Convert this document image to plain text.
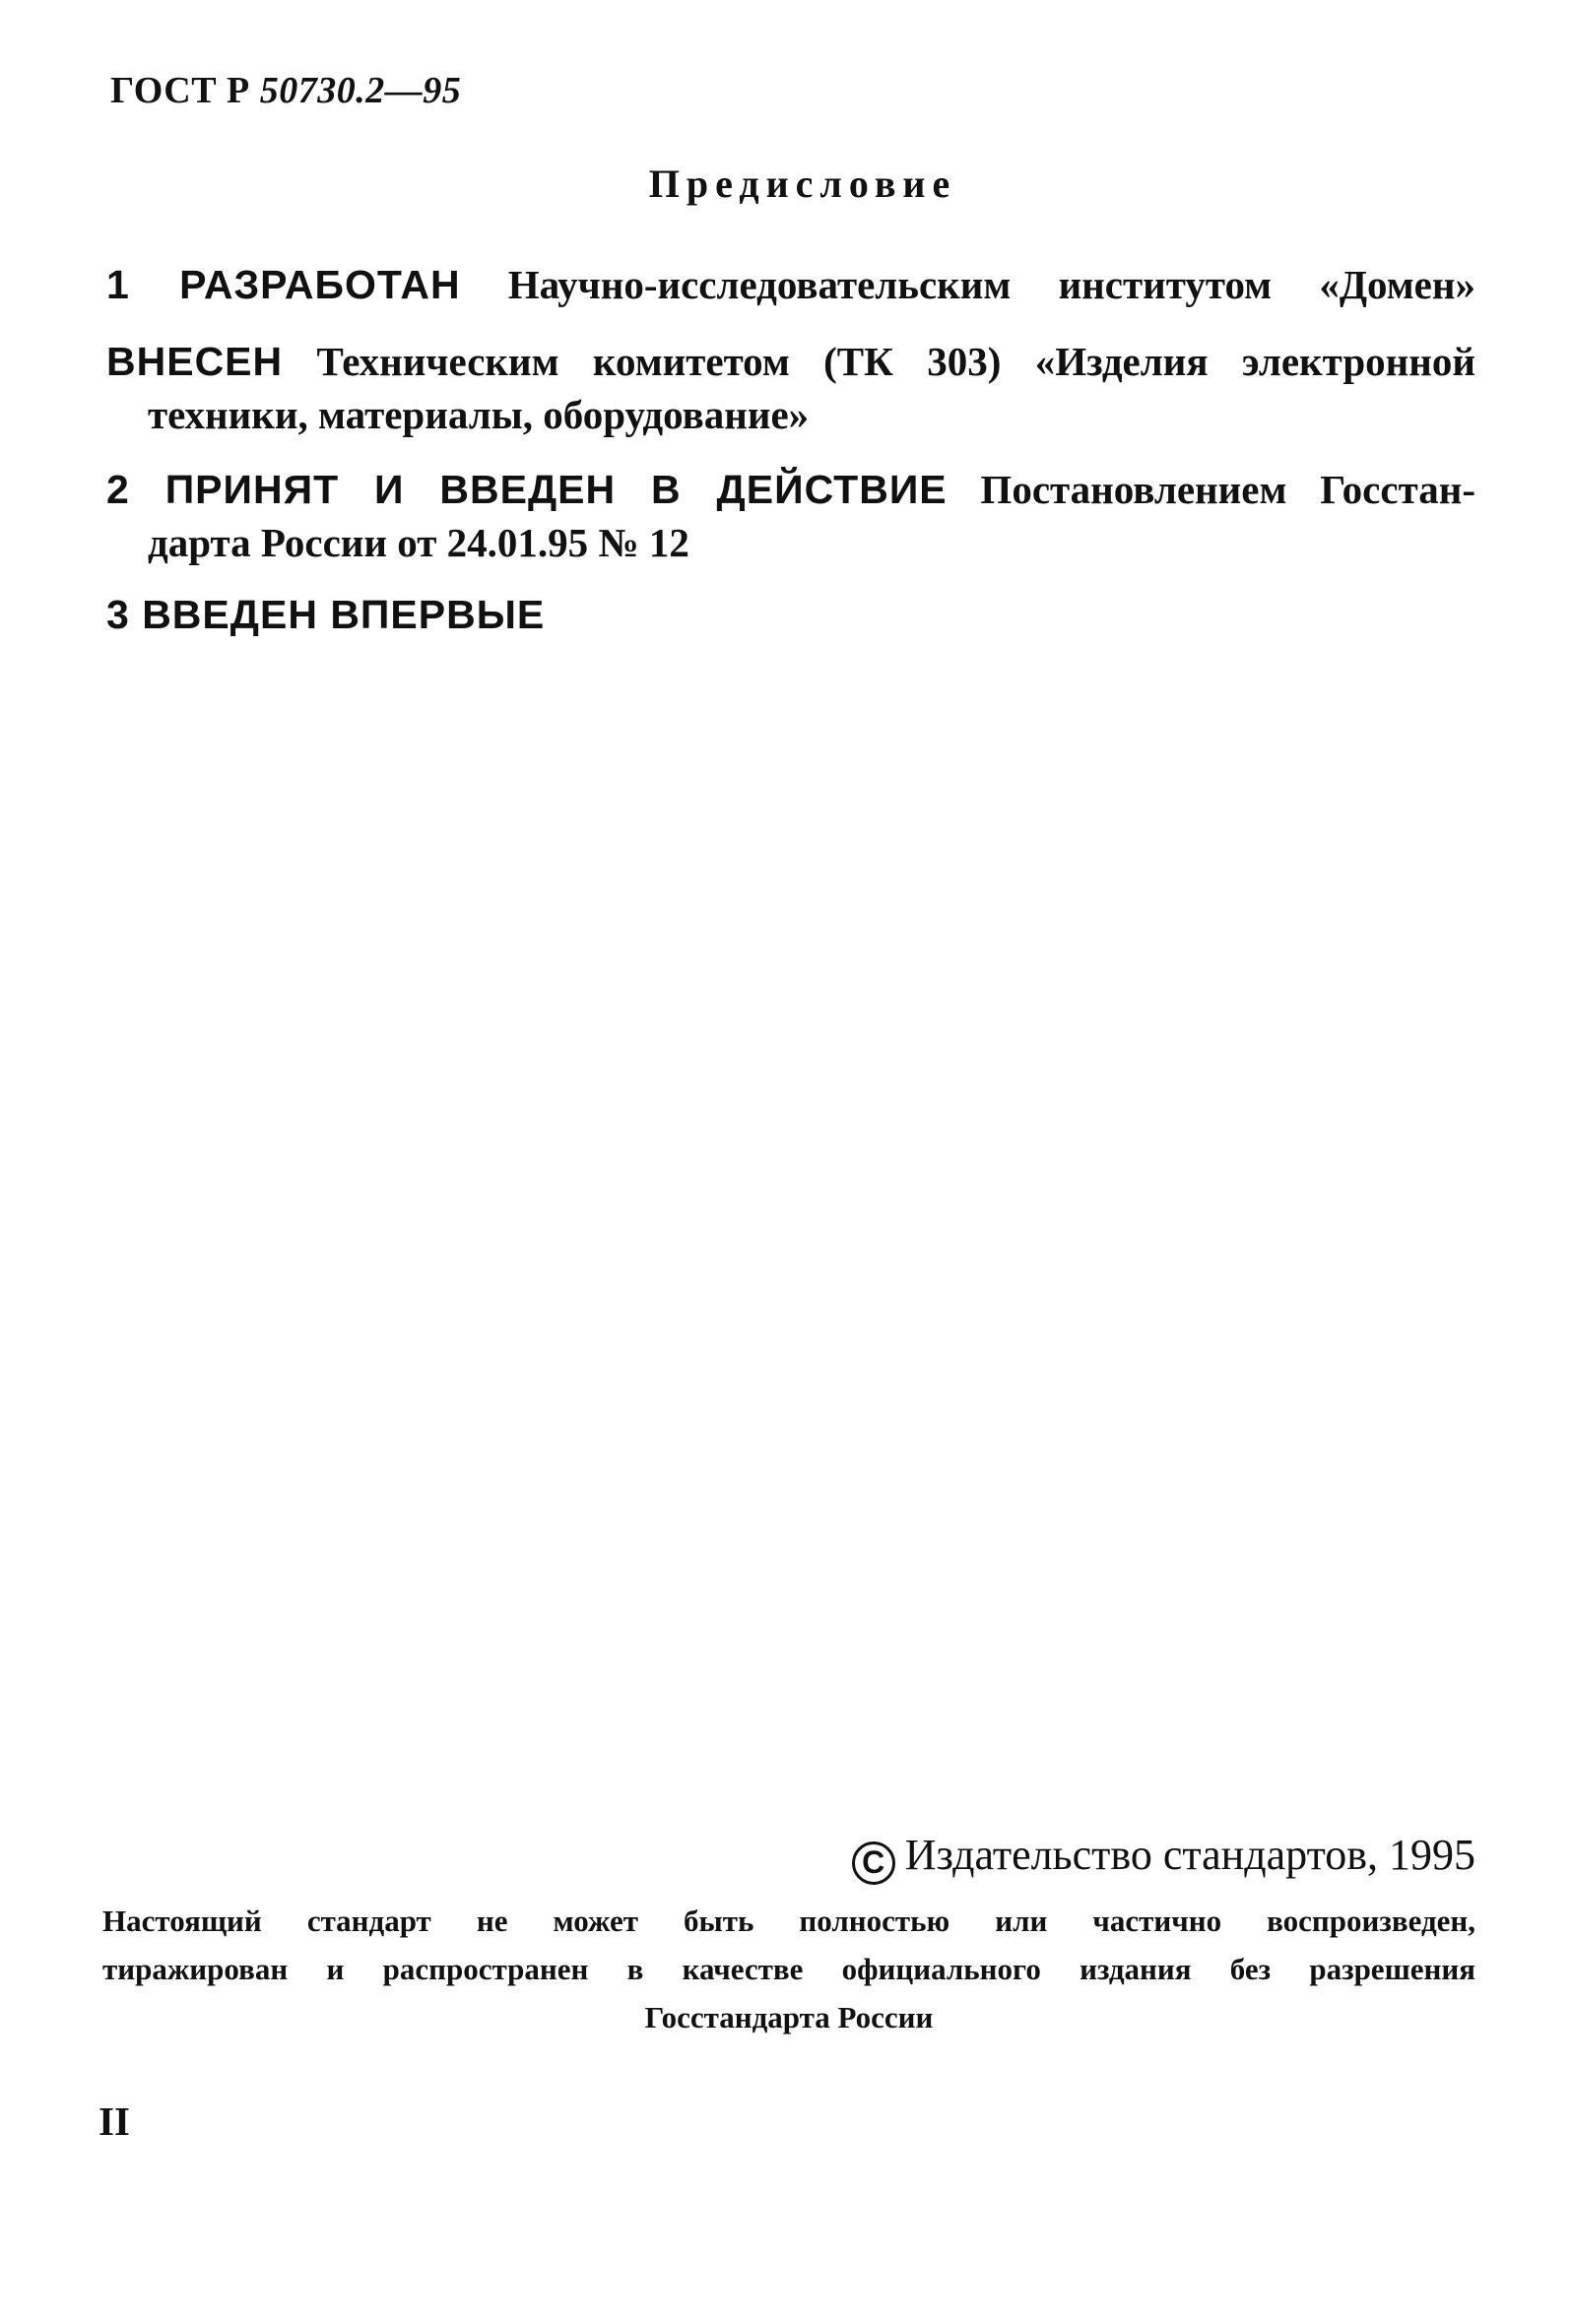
ГОСТ Р 50730.2—95
Предисловие
1 РАЗРАБОТАН Научно-исследовательским институтом «Домен»
ВНЕСЕН Техническим комитетом (ТК 303) «Изделия электронной
техники, материалы, оборудование»
2 ПРИНЯТ И ВВЕДЕН В ДЕЙСТВИЕ Постановлением Госстан-
дарта России от 24.01.95 № 12
3 ВВЕДЕН ВПЕРВЫЕ
C Издательство стандартов, 1995
Настоящий стандарт не может быть полностью или частично воспроизведен,
тиражирован и распространен в качестве официального издания без разрешения
Госстандарта России
II
